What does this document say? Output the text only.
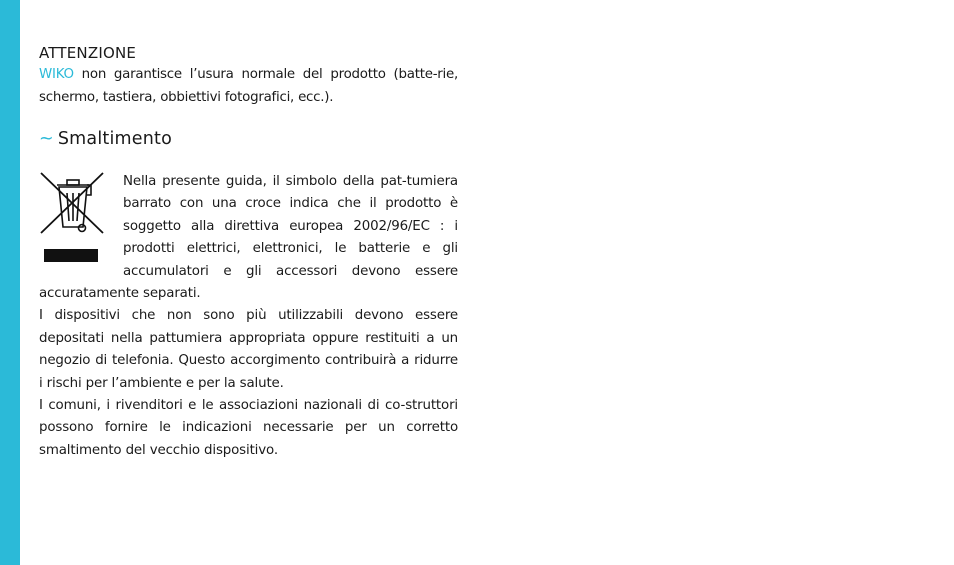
ATTENZIONE

WIKO non garantisce l’usura normale del prodotto (batte-rie, schermo, tastiera, obbiettivi fotografici, ecc.).

~ Smaltimento

Nella presente guida, il simbolo della pat-tumiera barrato con una croce indica che il prodotto è soggetto alla direttiva europea 2002/96/EC : i prodotti elettrici, elettronici, le batterie e gli accumulatori e gli accessori devono essere accuratamente separati.

I dispositivi che non sono più utilizzabili devono essere depositati nella pattumiera appropriata oppure restituiti a un negozio di telefonia. Questo accorgimento contribuirà a ridurre i rischi per l’ambiente e per la salute.

I comuni, i rivenditori e le associazioni nazionali di co-struttori possono fornire le indicazioni necessarie per un corretto smaltimento del vecchio dispositivo.
